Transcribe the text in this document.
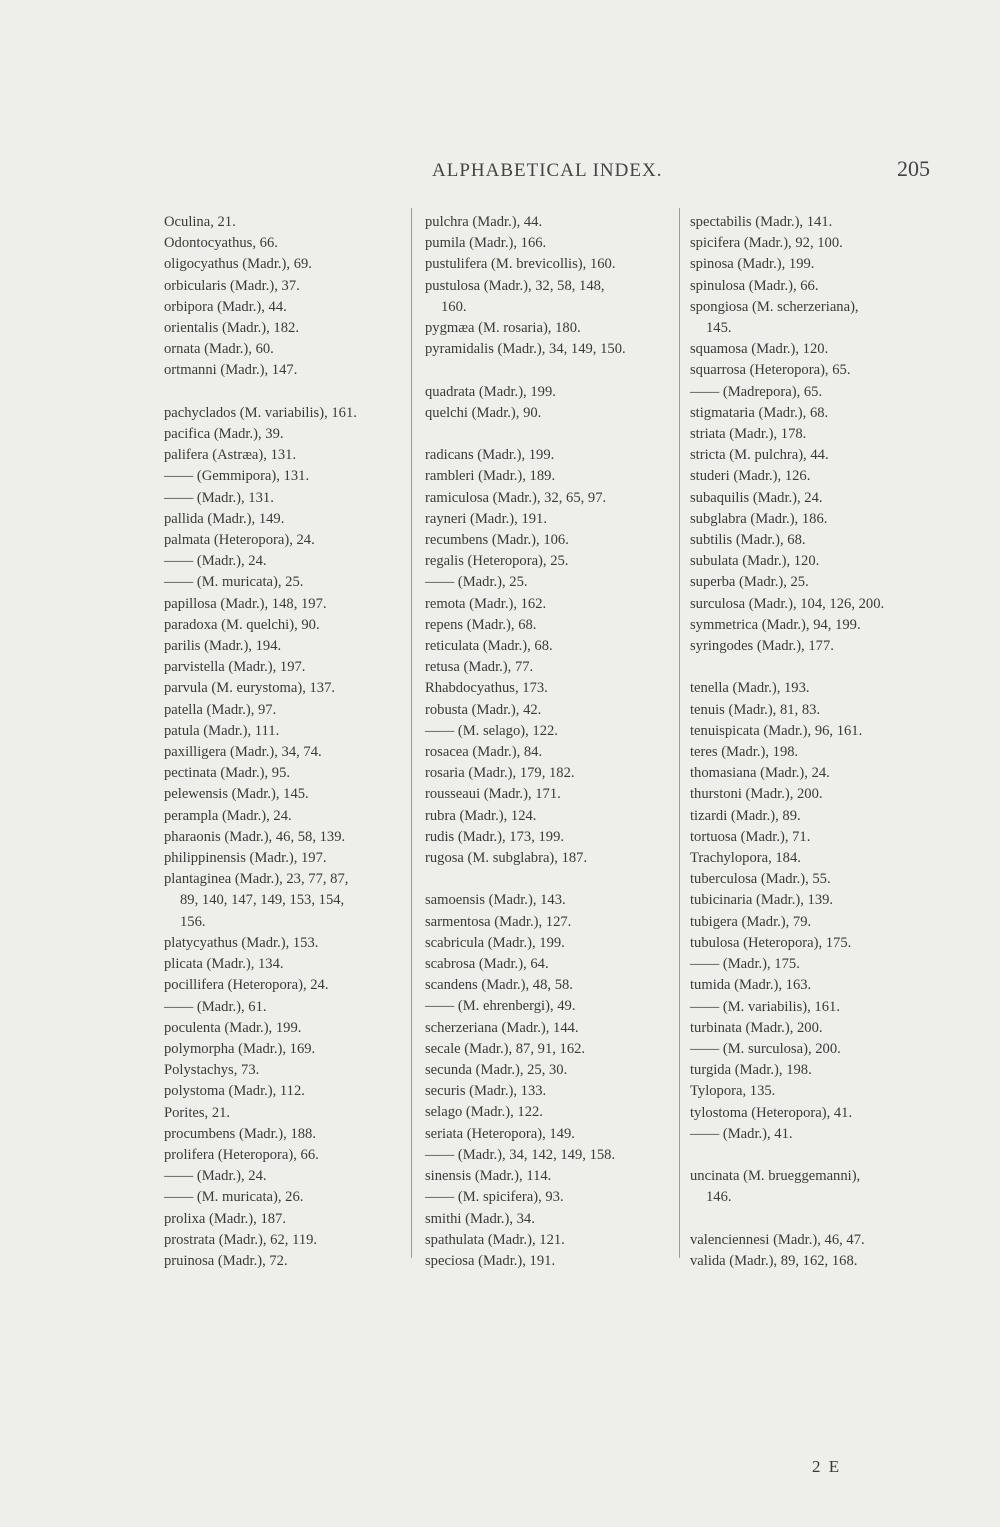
ALPHABETICAL INDEX.	205
Oculina, 21.
Odontocyathus, 66.
oligocyathus (Madr.), 69.
orbicularis (Madr.), 37.
orbipora (Madr.), 44.
orientalis (Madr.), 182.
ornata (Madr.), 60.
ortmanni (Madr.), 147.
pachyclados (M. variabilis), 161.
pacifica (Madr.), 39.
palifera (Astræa), 131.
—— (Gemmipora), 131.
—— (Madr.), 131.
pallida (Madr.), 149.
palmata (Heteropora), 24.
—— (Madr.), 24.
—— (M. muricata), 25.
papillosa (Madr.), 148, 197.
paradoxa (M. quelchi), 90.
parilis (Madr.), 194.
parvistella (Madr.), 197.
parvula (M. eurystoma), 137.
patella (Madr.), 97.
patula (Madr.), 111.
paxilligera (Madr.), 34, 74.
pectinata (Madr.), 95.
pelewensis (Madr.), 145.
perampla (Madr.), 24.
pharaonis (Madr.), 46, 58, 139.
philippinensis (Madr.), 197.
plantaginea (Madr.), 23, 77, 87,
89, 140, 147, 149, 153, 154,
156.
platycyathus (Madr.), 153.
plicata (Madr.), 134.
pocillifera (Heteropora), 24.
—— (Madr.), 61.
poculenta (Madr.), 199.
polymorpha (Madr.), 169.
Polystachys, 73.
polystoma (Madr.), 112.
Porites, 21.
procumbens (Madr.), 188.
prolifera (Heteropora), 66.
—— (Madr.), 24.
—— (M. muricata), 26.
prolixa (Madr.), 187.
prostrata (Madr.), 62, 119.
pruinosa (Madr.), 72.
pulchra (Madr.), 44.
pumila (Madr.), 166.
pustulifera (M. brevicollis), 160.
pustulosa (Madr.), 32, 58, 148,
160.
pygmæa (M. rosaria), 180.
pyramidalis (Madr.), 34, 149, 150.
quadrata (Madr.), 199.
quelchi (Madr.), 90.
radicans (Madr.), 199.
rambleri (Madr.), 189.
ramiculosa (Madr.), 32, 65, 97.
rayneri (Madr.), 191.
recumbens (Madr.), 106.
regalis (Heteropora), 25.
—— (Madr.), 25.
remota (Madr.), 162.
repens (Madr.), 68.
reticulata (Madr.), 68.
retusa (Madr.), 77.
Rhabdocyathus, 173.
robusta (Madr.), 42.
—— (M. selago), 122.
rosacea (Madr.), 84.
rosaria (Madr.), 179, 182.
rousseaui (Madr.), 171.
rubra (Madr.), 124.
rudis (Madr.), 173, 199.
rugosa (M. subglabra), 187.
samoensis (Madr.), 143.
sarmentosa (Madr.), 127.
scabricula (Madr.), 199.
scabrosa (Madr.), 64.
scandens (Madr.), 48, 58.
—— (M. ehrenbergi), 49.
scherzeriana (Madr.), 144.
secale (Madr.), 87, 91, 162.
secunda (Madr.), 25, 30.
securis (Madr.), 133.
selago (Madr.), 122.
seriata (Heteropora), 149.
—— (Madr.), 34, 142, 149, 158.
sinensis (Madr.), 114.
—— (M. spicifera), 93.
smithi (Madr.), 34.
spathulata (Madr.), 121.
speciosa (Madr.), 191.
spectabilis (Madr.), 141.
spicifera (Madr.), 92, 100.
spinosa (Madr.), 199.
spinulosa (Madr.), 66.
spongiosa (M. scherzeriana),
145.
squamosa (Madr.), 120.
squarrosa (Heteropora), 65.
—— (Madrepora), 65.
stigmataria (Madr.), 68.
striata (Madr.), 178.
stricta (M. pulchra), 44.
studeri (Madr.), 126.
subaquilis (Madr.), 24.
subglabra (Madr.), 186.
subtilis (Madr.), 68.
subulata (Madr.), 120.
superba (Madr.), 25.
surculosa (Madr.), 104, 126, 200.
symmetrica (Madr.), 94, 199.
syringodes (Madr.), 177.
tenella (Madr.), 193.
tenuis (Madr.), 81, 83.
tenuispicata (Madr.), 96, 161.
teres (Madr.), 198.
thomasiana (Madr.), 24.
thurstoni (Madr.), 200.
tizardi (Madr.), 89.
tortuosa (Madr.), 71.
Trachylopora, 184.
tuberculosa (Madr.), 55.
tubicinaria (Madr.), 139.
tubigera (Madr.), 79.
tubulosa (Heteropora), 175.
—— (Madr.), 175.
tumida (Madr.), 163.
—— (M. variabilis), 161.
turbinata (Madr.), 200.
—— (M. surculosa), 200.
turgida (Madr.), 198.
Tylopora, 135.
tylostoma (Heteropora), 41.
—— (Madr.), 41.
uncinata (M. brueggemanni),
146.
valenciennesi (Madr.), 46, 47.
valida (Madr.), 89, 162, 168.
2 E
